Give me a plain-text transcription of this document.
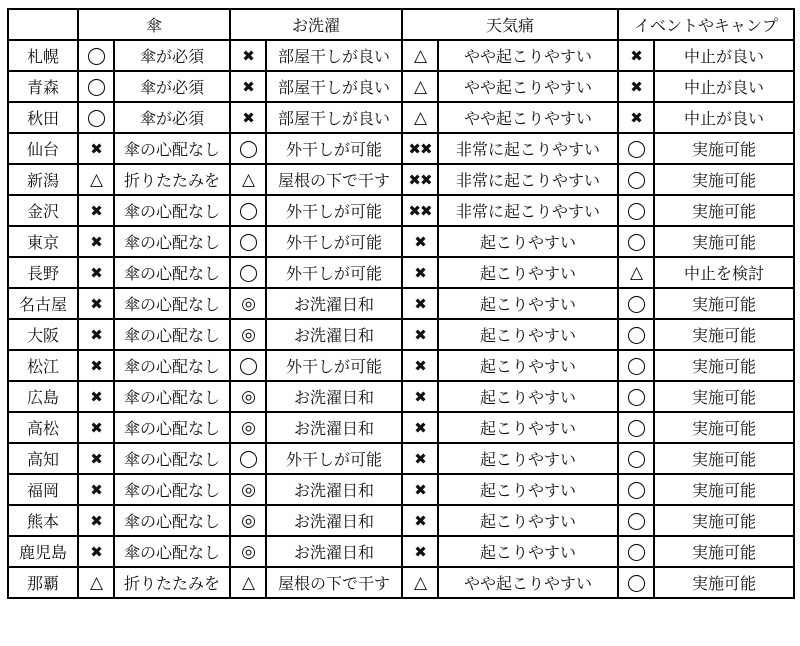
	傘		お洗濯		天気痛		イベントやキャンプ	
札幌	◯	傘が必須	✖	部屋干しが良い	△	やや起こりやすい	✖	中止が良い
青森	◯	傘が必須	✖	部屋干しが良い	△	やや起こりやすい	✖	中止が良い
秋田	◯	傘が必須	✖	部屋干しが良い	△	やや起こりやすい	✖	中止が良い
仙台	✖	傘の心配なし	◯	外干しが可能	✖✖	非常に起こりやすい	◯	実施可能
新潟	△	折りたたみを	△	屋根の下で干す	✖✖	非常に起こりやすい	◯	実施可能
金沢	✖	傘の心配なし	◯	外干しが可能	✖✖	非常に起こりやすい	◯	実施可能
東京	✖	傘の心配なし	◯	外干しが可能	✖	起こりやすい	◯	実施可能
長野	✖	傘の心配なし	◯	外干しが可能	✖	起こりやすい	△	中止を検討
名古屋	✖	傘の心配なし	◎	お洗濯日和	✖	起こりやすい	◯	実施可能
大阪	✖	傘の心配なし	◎	お洗濯日和	✖	起こりやすい	◯	実施可能
松江	✖	傘の心配なし	◯	外干しが可能	✖	起こりやすい	◯	実施可能
広島	✖	傘の心配なし	◎	お洗濯日和	✖	起こりやすい	◯	実施可能
高松	✖	傘の心配なし	◎	お洗濯日和	✖	起こりやすい	◯	実施可能
高知	✖	傘の心配なし	◯	外干しが可能	✖	起こりやすい	◯	実施可能
福岡	✖	傘の心配なし	◎	お洗濯日和	✖	起こりやすい	◯	実施可能
熊本	✖	傘の心配なし	◎	お洗濯日和	✖	起こりやすい	◯	実施可能
鹿児島	✖	傘の心配なし	◎	お洗濯日和	✖	起こりやすい	◯	実施可能
那覇	△	折りたたみを	△	屋根の下で干す	△	やや起こりやすい	◯	実施可能
